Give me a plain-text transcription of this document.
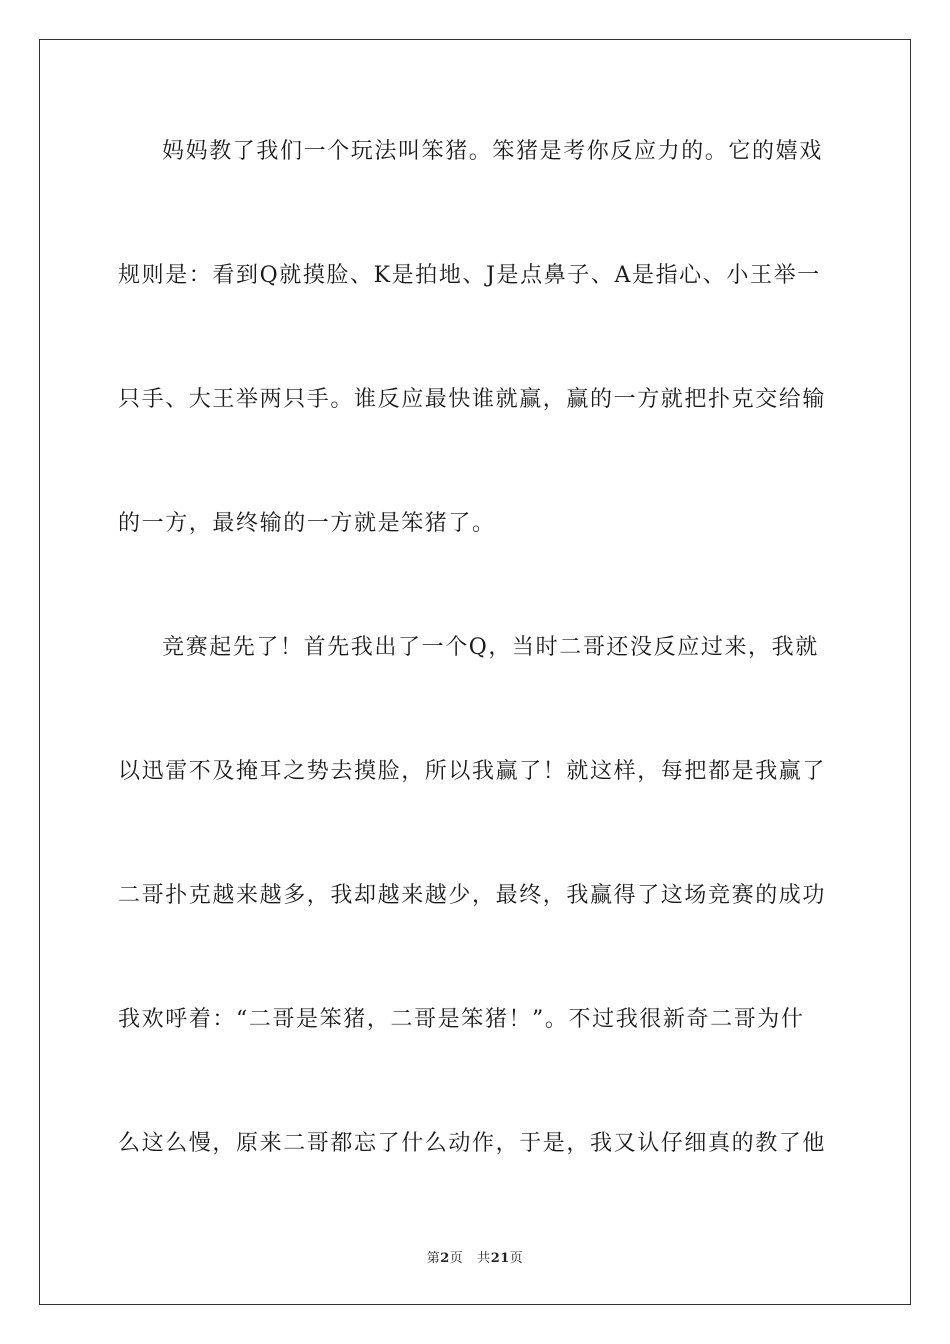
妈妈教了我们一个玩法叫笨猪。笨猪是考你反应力的。它的嬉戏
规则是：看到Q就摸脸、K是拍地、J是点鼻子、A是指心、小王举一
只手、大王举两只手。谁反应最快谁就赢，赢的一方就把扑克交给输
的一方，最终输的一方就是笨猪了。
竞赛起先了！首先我出了一个Q，当时二哥还没反应过来，我就
以迅雷不及掩耳之势去摸脸，所以我赢了！就这样，每把都是我赢了
二哥扑克越来越多，我却越来越少，最终，我赢得了这场竞赛的成功
我欢呼着：“二哥是笨猪，二哥是笨猪！”。不过我很新奇二哥为什
么这么慢，原来二哥都忘了什么动作，于是，我又认仔细真的教了他
第2页 共21页
